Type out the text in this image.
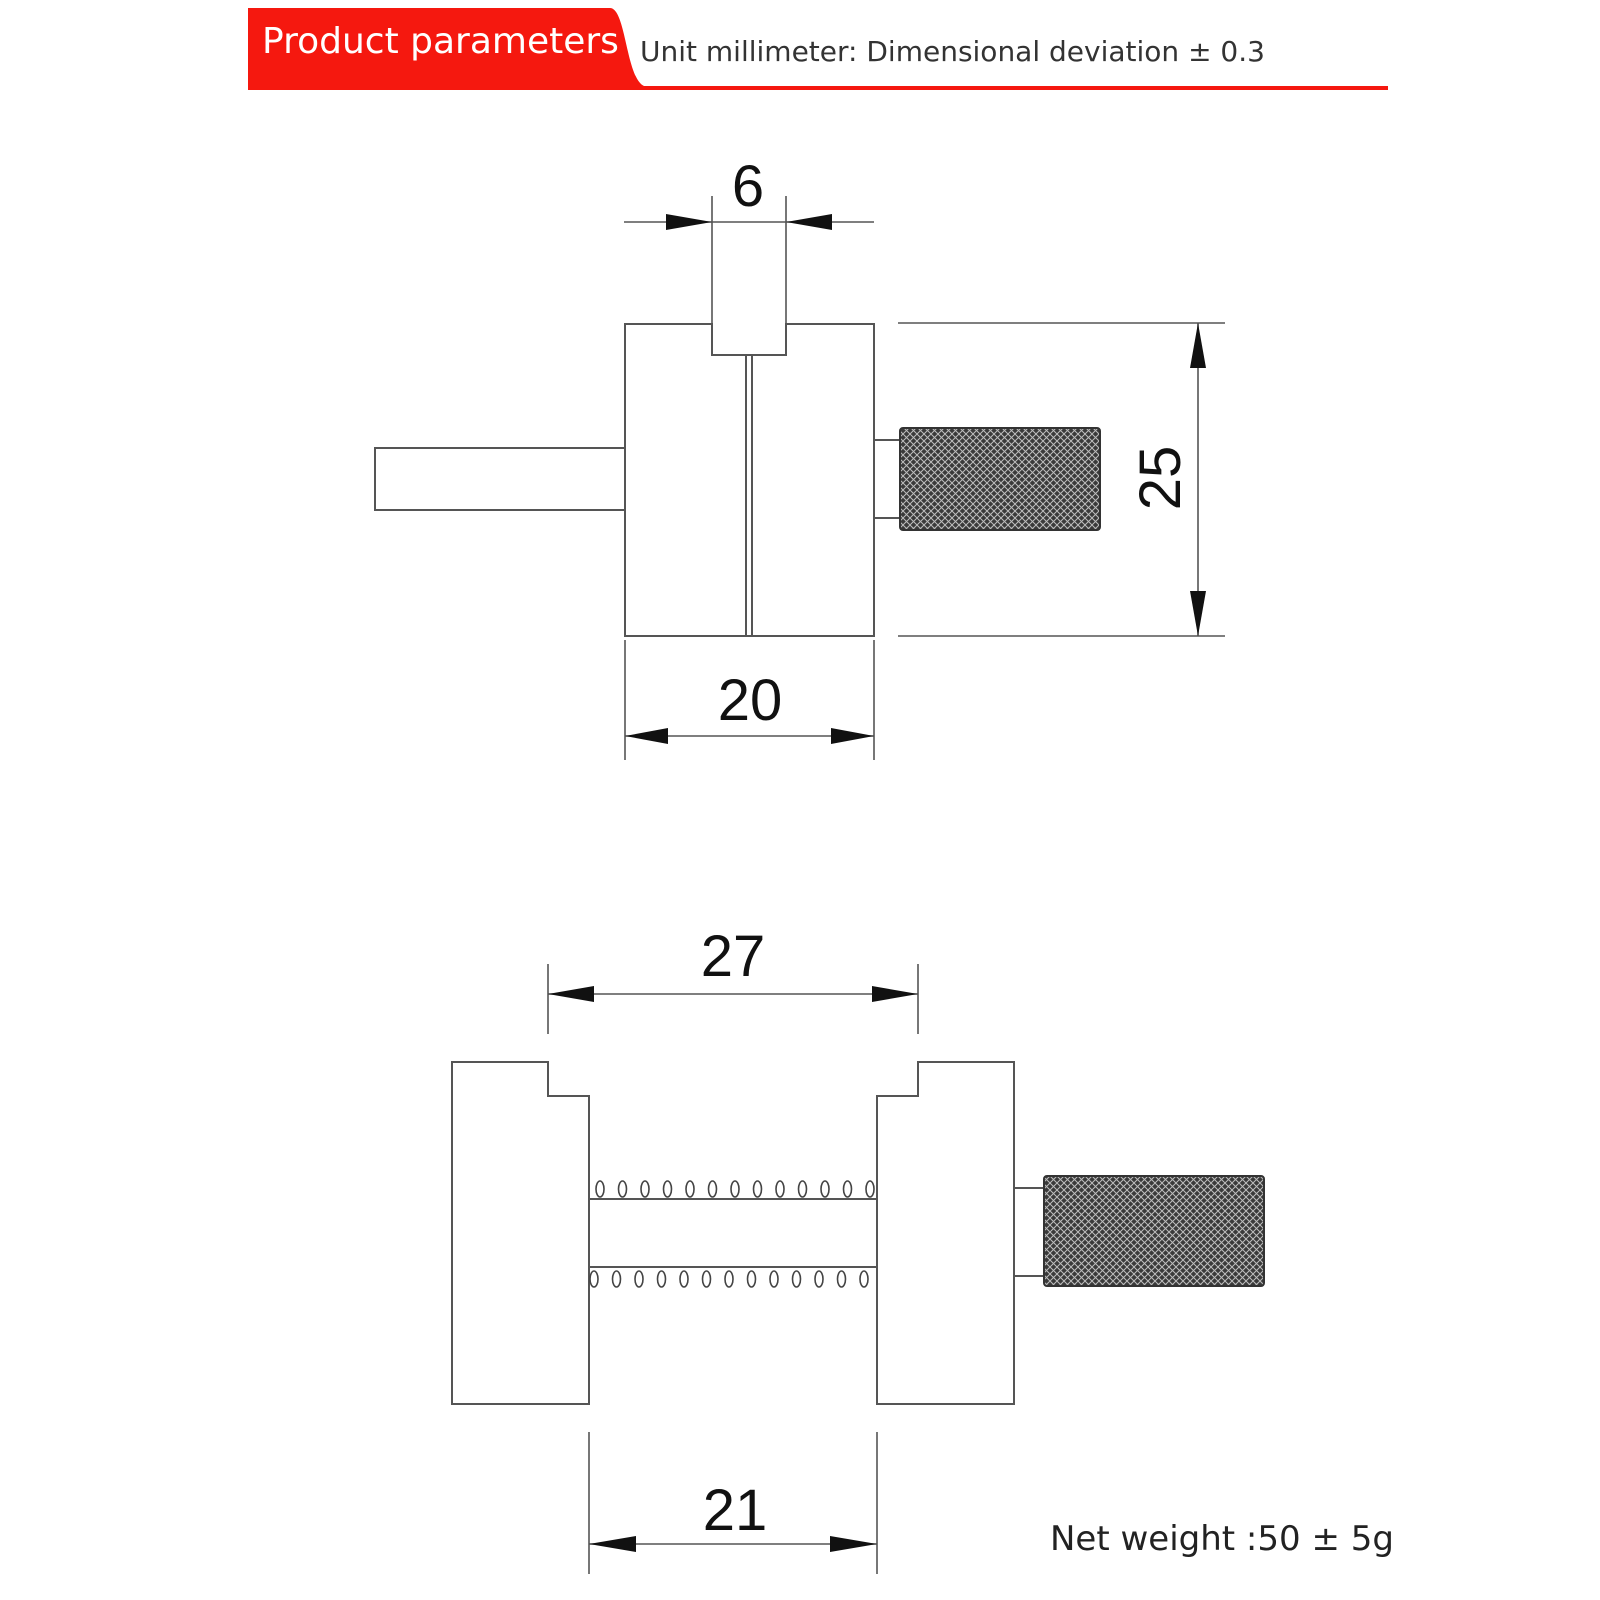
Product parameters Unit millimeter: Dimensional deviation ± 0.3
6
20
25
27
21	Net weight :50 ± 5g
